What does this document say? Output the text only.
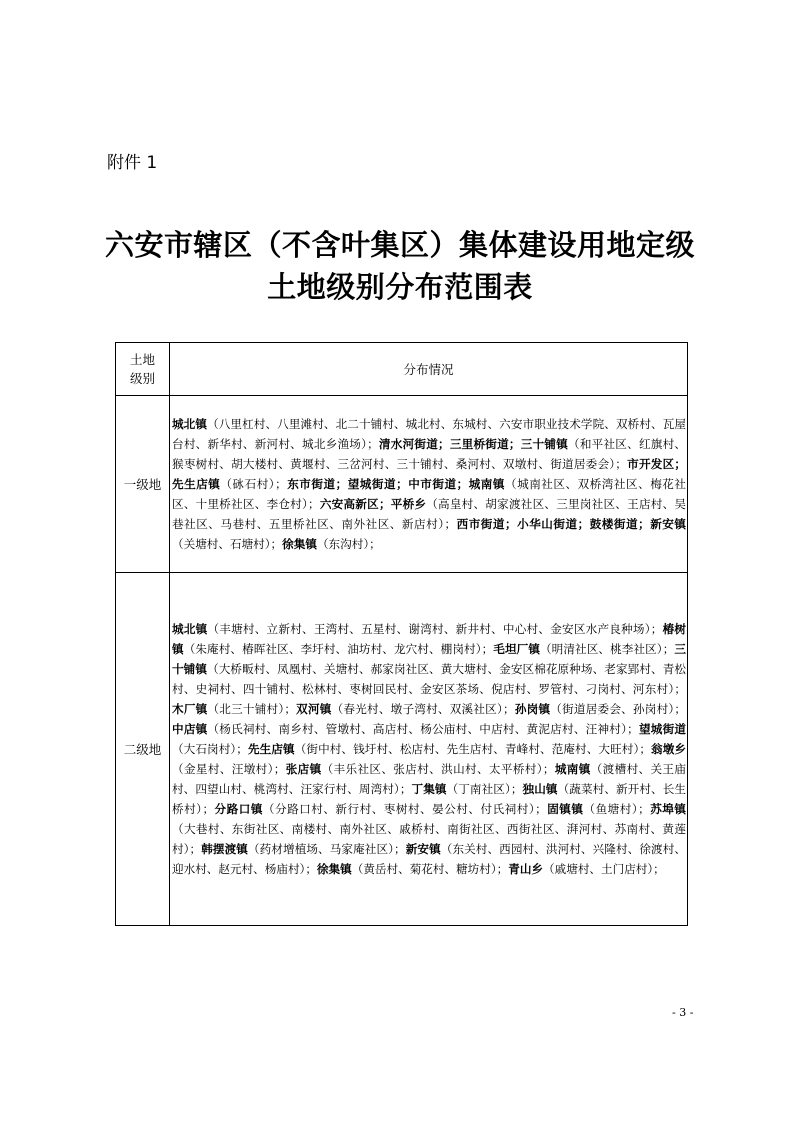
附件 1
六安市辖区（不含叶集区）集体建设用地定级
土地级别分布范围表
土地
级别	分布情况
一级地	城北镇（八里杠村、八里滩村、北二十铺村、城北村、东城村、六安市职业技术学院、双桥村、瓦屋台村、新华村、新河村、城北乡渔场）；清水河街道；三里桥街道；三十铺镇（和平社区、红旗村、猴枣树村、胡大楼村、黄堰村、三岔河村、三十铺村、桑河村、双墩村、街道居委会）；市开发区；先生店镇（砯石村）；东市街道；望城街道；中市街道；城南镇（城南社区、双桥湾社区、梅花社区、十里桥社区、李仓村）；六安高新区；平桥乡（高皇村、胡家渡社区、三里岗社区、王店村、吴巷社区、马巷村、五里桥社区、南外社区、新店村）；西市街道；小华山街道；鼓楼街道；新安镇（关塘村、石塘村）；徐集镇（东沟村）；
二级地	城北镇（丰塘村、立新村、王湾村、五星村、谢湾村、新井村、中心村、金安区水产良种场）；椿树镇（朱庵村、椿晖社区、李圩村、油坊村、龙穴村、棚岗村）；毛坦厂镇（明清社区、桃李社区）；三十铺镇（大桥畈村、凤凰村、关塘村、郝家岗社区、黄大塘村、金安区棉花原种场、老家郢村、青松村、史祠村、四十铺村、松林村、枣树回民村、金安区茶场、倪店村、罗管村、刁岗村、河东村）；木厂镇（北三十铺村）；双河镇（春光村、墩子湾村、双溪社区）；孙岗镇（街道居委会、孙岗村）；中店镇（杨氏祠村、南乡村、管墩村、高店村、杨公庙村、中店村、黄泥店村、汪神村）；望城街道（大石岗村）；先生店镇（街中村、钱圩村、松店村、先生店村、青峰村、范庵村、大旺村）；翁墩乡（金星村、汪墩村）；张店镇（丰乐社区、张店村、洪山村、太平桥村）；城南镇（渡槽村、关王庙村、四望山村、桃湾村、汪家行村、周湾村）；丁集镇（丁南社区）；独山镇（蔬菜村、新开村、长生桥村）；分路口镇（分路口村、新行村、枣树村、晏公村、付氏祠村）；固镇镇（鱼塘村）；苏埠镇（大巷村、东街社区、南楼村、南外社区、戚桥村、南街社区、西街社区、湃河村、苏南村、黄莲村）；韩摆渡镇（药材增植场、马家庵社区）；新安镇（东关村、西园村、洪河村、兴隆村、徐渡村、迎水村、赵元村、杨庙村）；徐集镇（黄岳村、菊花村、糖坊村）；青山乡（戚塘村、土门店村）；
- 3 -
